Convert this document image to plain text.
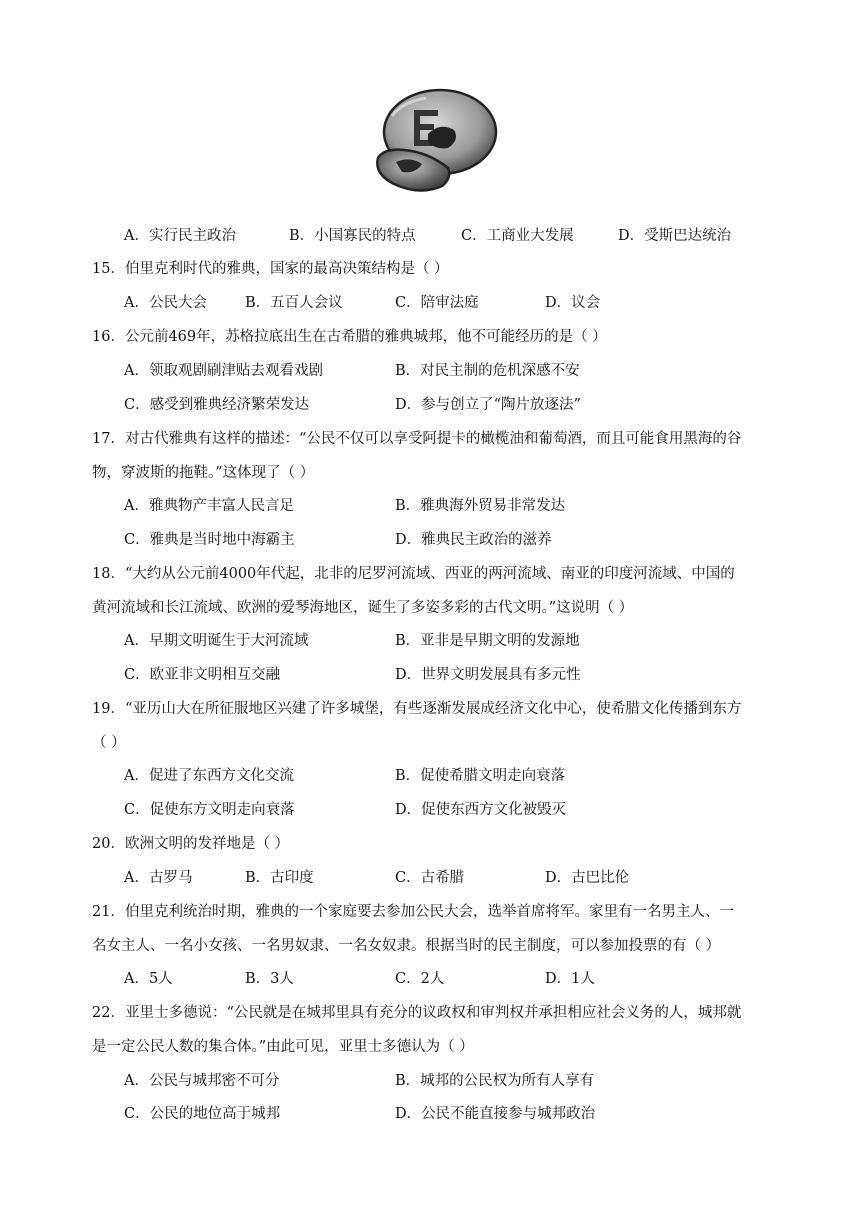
A．实行民主政治	B．小国寡民的特点	C．工商业大发展	D．受斯巴达统治
15．伯里克利时代的雅典，国家的最高决策结构是（ ）
A．公民大会	B．五百人会议	C．陪审法庭	D．议会
16．公元前469年，苏格拉底出生在古希腊的雅典城邦，他不可能经历的是（ ）
A．领取观剧刷津贴去观看戏剧	B．对民主制的危机深感不安
C．感受到雅典经济繁荣发达	D．参与创立了“陶片放逐法”
17．对古代雅典有这样的描述：“公民不仅可以享受阿提卡的橄榄油和葡萄酒，而且可能食用黑海的谷
物，穿波斯的拖鞋。”这体现了（ ）
A．雅典物产丰富人民言足	B．雅典海外贸易非常发达
C．雅典是当时地中海霸主	D．雅典民主政治的滋养
18．“大约从公元前4000年代起，北非的尼罗河流域、西亚的两河流域、南亚的印度河流域、中国的
黄河流域和长江流域、欧洲的爱琴海地区，诞生了多姿多彩的古代文明。”这说明（ ）
A．早期文明诞生于大河流域	B．亚非是早期文明的发源地
C．欧亚非文明相互交融	D．世界文明发展具有多元性
19．“亚历山大在所征服地区兴建了许多城堡，有些逐渐发展成经济文化中心，使希腊文化传播到东方
（ ）
A．促进了东西方文化交流	B．促使希腊文明走向衰落
C．促使东方文明走向衰落	D．促使东西方文化被毁灭
20．欧洲文明的发祥地是（ ）
A．古罗马	B．古印度	C．古希腊	D．古巴比伦
21．伯里克利统治时期，雅典的一个家庭要去参加公民大会，选举首席将军。家里有一名男主人、一
名女主人、一名小女孩、一名男奴隶、一名女奴隶。根据当时的民主制度，可以参加投票的有（ ）
A．5人	B．3人	C．2人	D．1人
22．亚里士多德说：“公民就是在城邦里具有充分的议政权和审判权并承担相应社会义务的人，城邦就
是一定公民人数的集合体。”由此可见，亚里士多德认为（ ）
A．公民与城邦密不可分	B．城邦的公民权为所有人享有
C．公民的地位高于城邦	D．公民不能直接参与城邦政治
